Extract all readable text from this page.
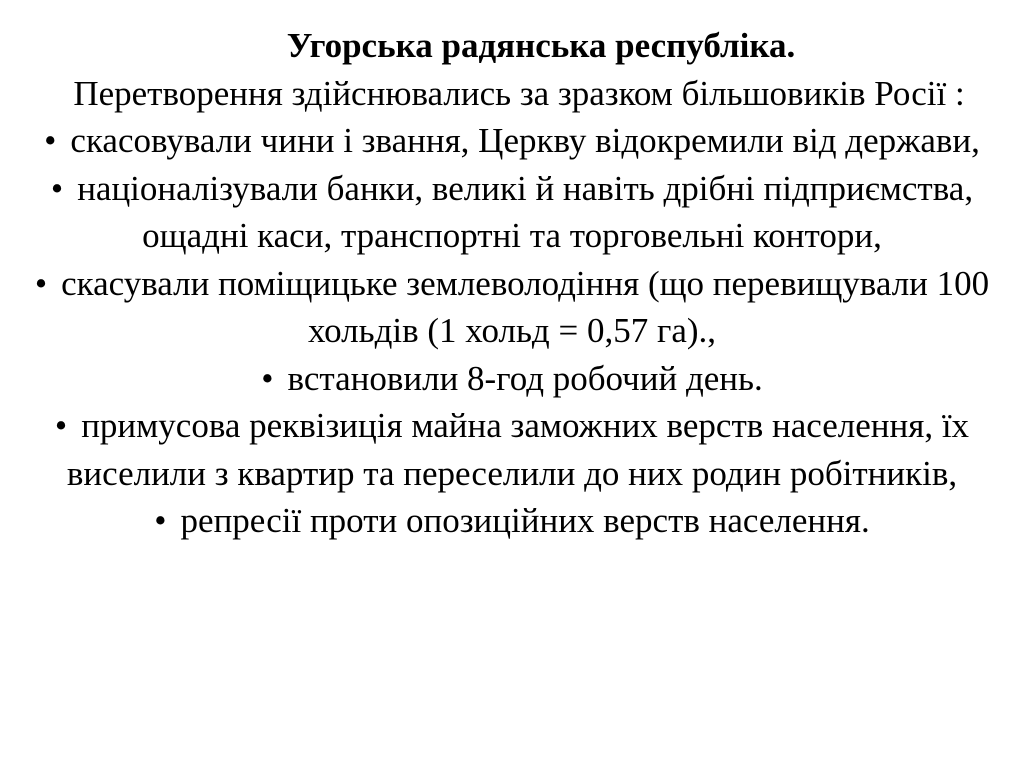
Угорська радянська республіка.

Перетворення здійснювались за зразком більшовиків Росії :

• скасовували чини і звання, Церкву відокремили від держави,

• націоналізували банки, великі й навіть дрібні підприємства, ощадні каси, транспортні та торговельні контори,

• скасували поміщицьке землеволодіння (що перевищували 100 хольдів (1 хольд = 0,57 га).,

• встановили 8-год робочий день.

• примусова реквізиція майна заможних верств населення, їх виселили з квартир та переселили до них родин робітників,

• репресії проти опозиційних верств населення.
